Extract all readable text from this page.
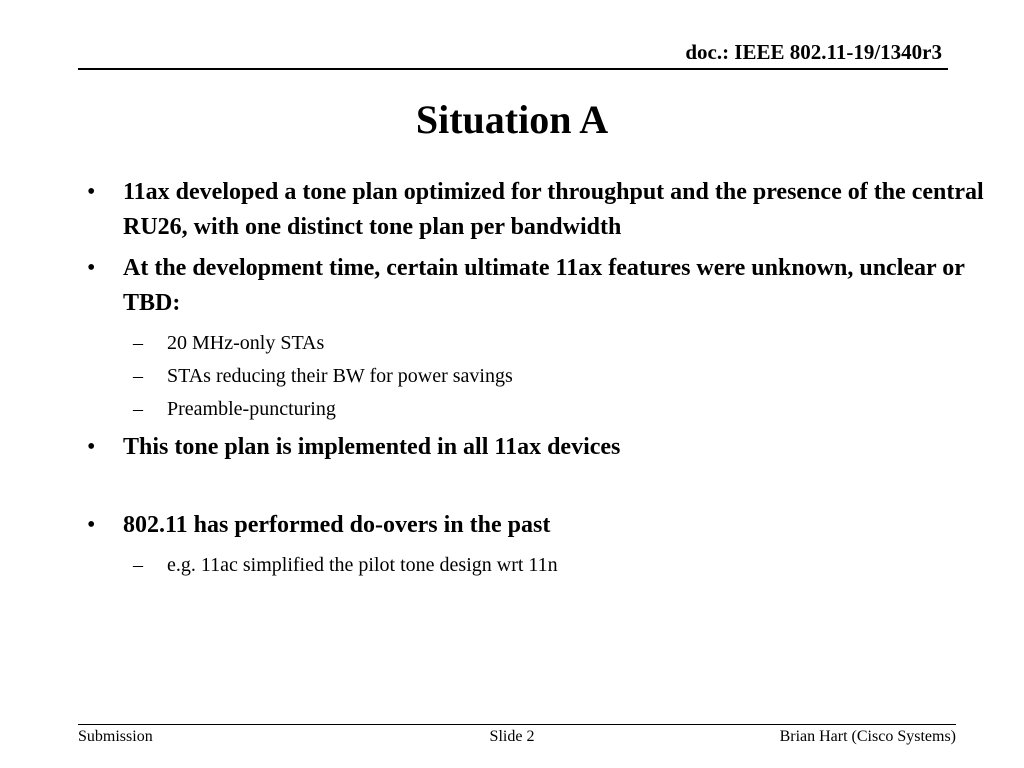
doc.: IEEE 802.11-19/1340r3
Situation A
• 11ax developed a tone plan optimized for throughput and the presence of the central RU26, with one distinct tone plan per bandwidth
• At the development time, certain ultimate 11ax features were unknown, unclear or TBD:
– 20 MHz-only STAs
– STAs reducing their BW for power savings
– Preamble-puncturing
• This tone plan is implemented in all 11ax devices
• 802.11 has performed do-overs in the past
– e.g. 11ac simplified the pilot tone design wrt 11n
Submission	Slide 2	Brian Hart (Cisco Systems)
